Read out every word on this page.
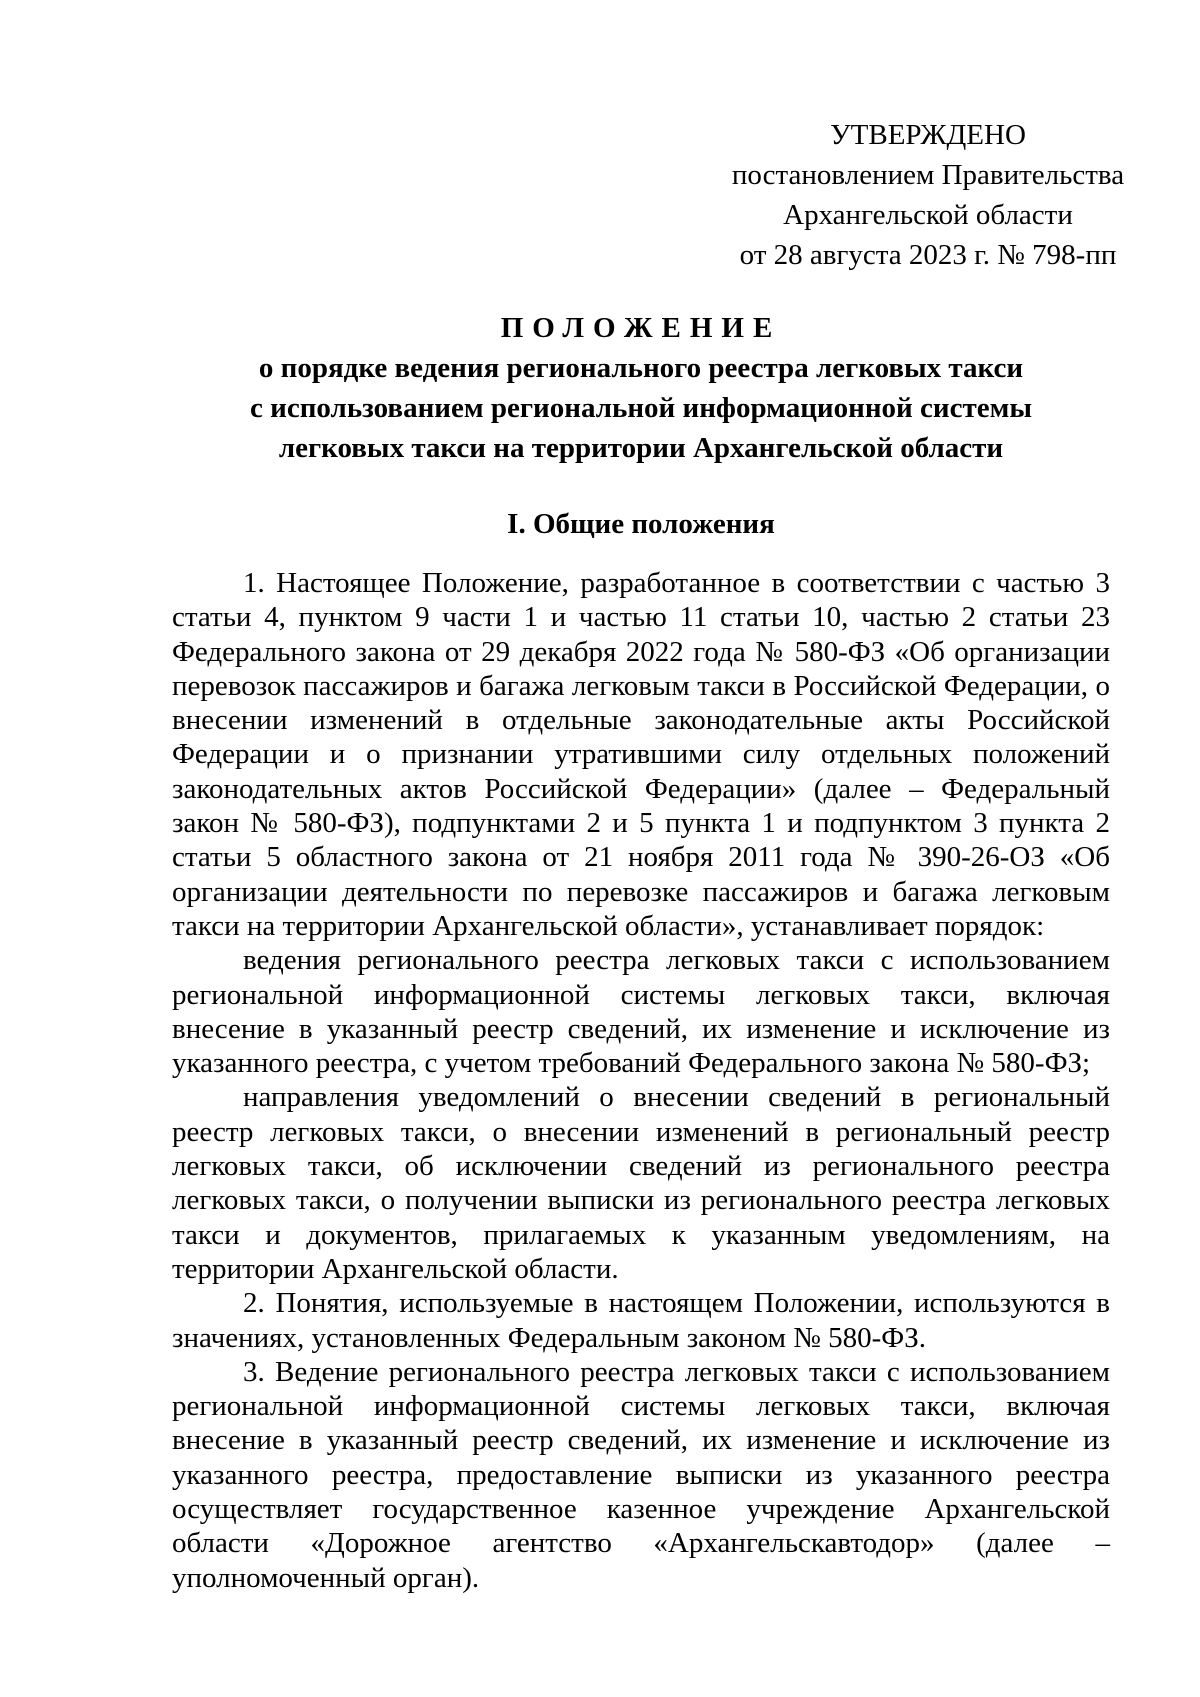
УТВЕРЖДЕНО
постановлением Правительства
Архангельской области
от 28 августа 2023 г. № 798-пп
ПОЛОЖЕНИЕ
о порядке ведения регионального реестра легковых такси
с использованием региональной информационной системы
легковых такси на территории Архангельской области
I. Общие положения

1. Настоящее Положение, разработанное в соответствии с частью 3 статьи 4, пунктом 9 части 1 и частью 11 статьи 10, частью 2 статьи 23 Федерального закона от 29 декабря 2022 года № 580-ФЗ «Об организации перевозок пассажиров и багажа легковым такси в Российской Федерации, о внесении изменений в отдельные законодательные акты Российской Федерации и о признании утратившими силу отдельных положений законодательных актов Российской Федерации» (далее – Федеральный закон № 580-ФЗ), подпунктами 2 и 5 пункта 1 и подпунктом 3 пункта 2 статьи 5 областного закона от 21 ноября 2011 года № 390-26-ОЗ «Об организации деятельности по перевозке пассажиров и багажа легковым такси на территории Архангельской области», устанавливает порядок:

ведения регионального реестра легковых такси с использованием региональной информационной системы легковых такси, включая внесение в указанный реестр сведений, их изменение и исключение из указанного реестра, с учетом требований Федерального закона № 580-ФЗ;

направления уведомлений о внесении сведений в региональный реестр легковых такси, о внесении изменений в региональный реестр легковых такси, об исключении сведений из регионального реестра легковых такси, о получении выписки из регионального реестра легковых такси и документов, прилагаемых к указанным уведомлениям, на территории Архангельской области.

2. Понятия, используемые в настоящем Положении, используются в значениях, установленных Федеральным законом № 580-ФЗ.

3. Ведение регионального реестра легковых такси с использованием региональной информационной системы легковых такси, включая внесение в указанный реестр сведений, их изменение и исключение из указанного реестра, предоставление выписки из указанного реестра осуществляет государственное казенное учреждение Архангельской области «Дорожное агентство «Архангельскавтодор» (далее – уполномоченный орган).
